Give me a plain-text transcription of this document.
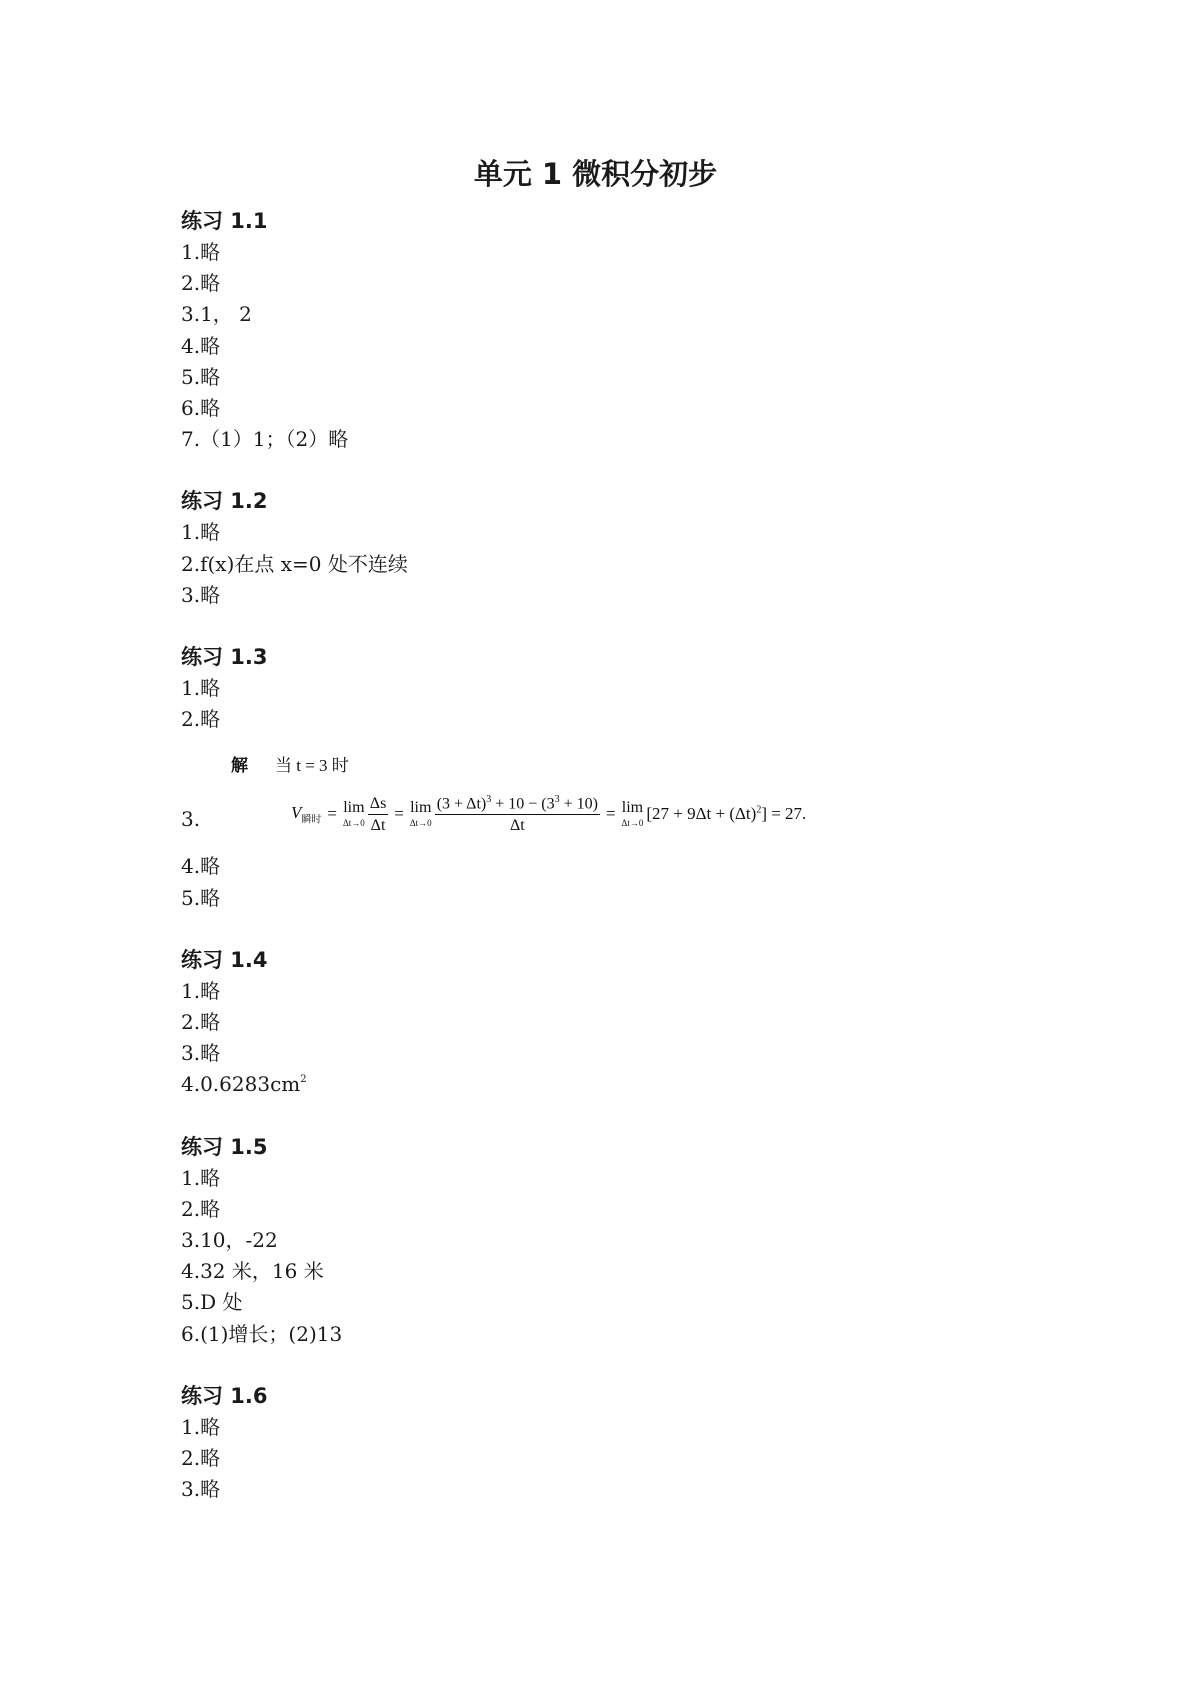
单元 1 微积分初步
练习 1.1
1.略
2.略
3.1， 2
4.略
5.略
6.略
7.（1）1；（2）略
练习 1.2
1.略
2.f(x)在点 x=0 处不连续
3.略
练习 1.3
1.略
2.略
3.
解 当 t = 3 时
$V_{瞬时} = \lim$
$\Delta t\to 0 \frac{\Delta s}{\Delta t} = \lim$
$\Delta t\to 0 \frac{(3 + \Delta t)^3 + 10 - (3^3 + 10)}{\Delta t} = \lim$
Δt→0 $[27 + 9\Delta t + (\Delta t)^2] = 27$.
4.略
5.略
练习 1.4
1.略
2.略
3.略
$4.0.6283cm^2$
练习 1.5
1.略
2.略
3.10，-22
4.32 米，16 米
5.D 处
6.(1)增长；(2)13
练习 1.6
1.略
2.略
3.略
